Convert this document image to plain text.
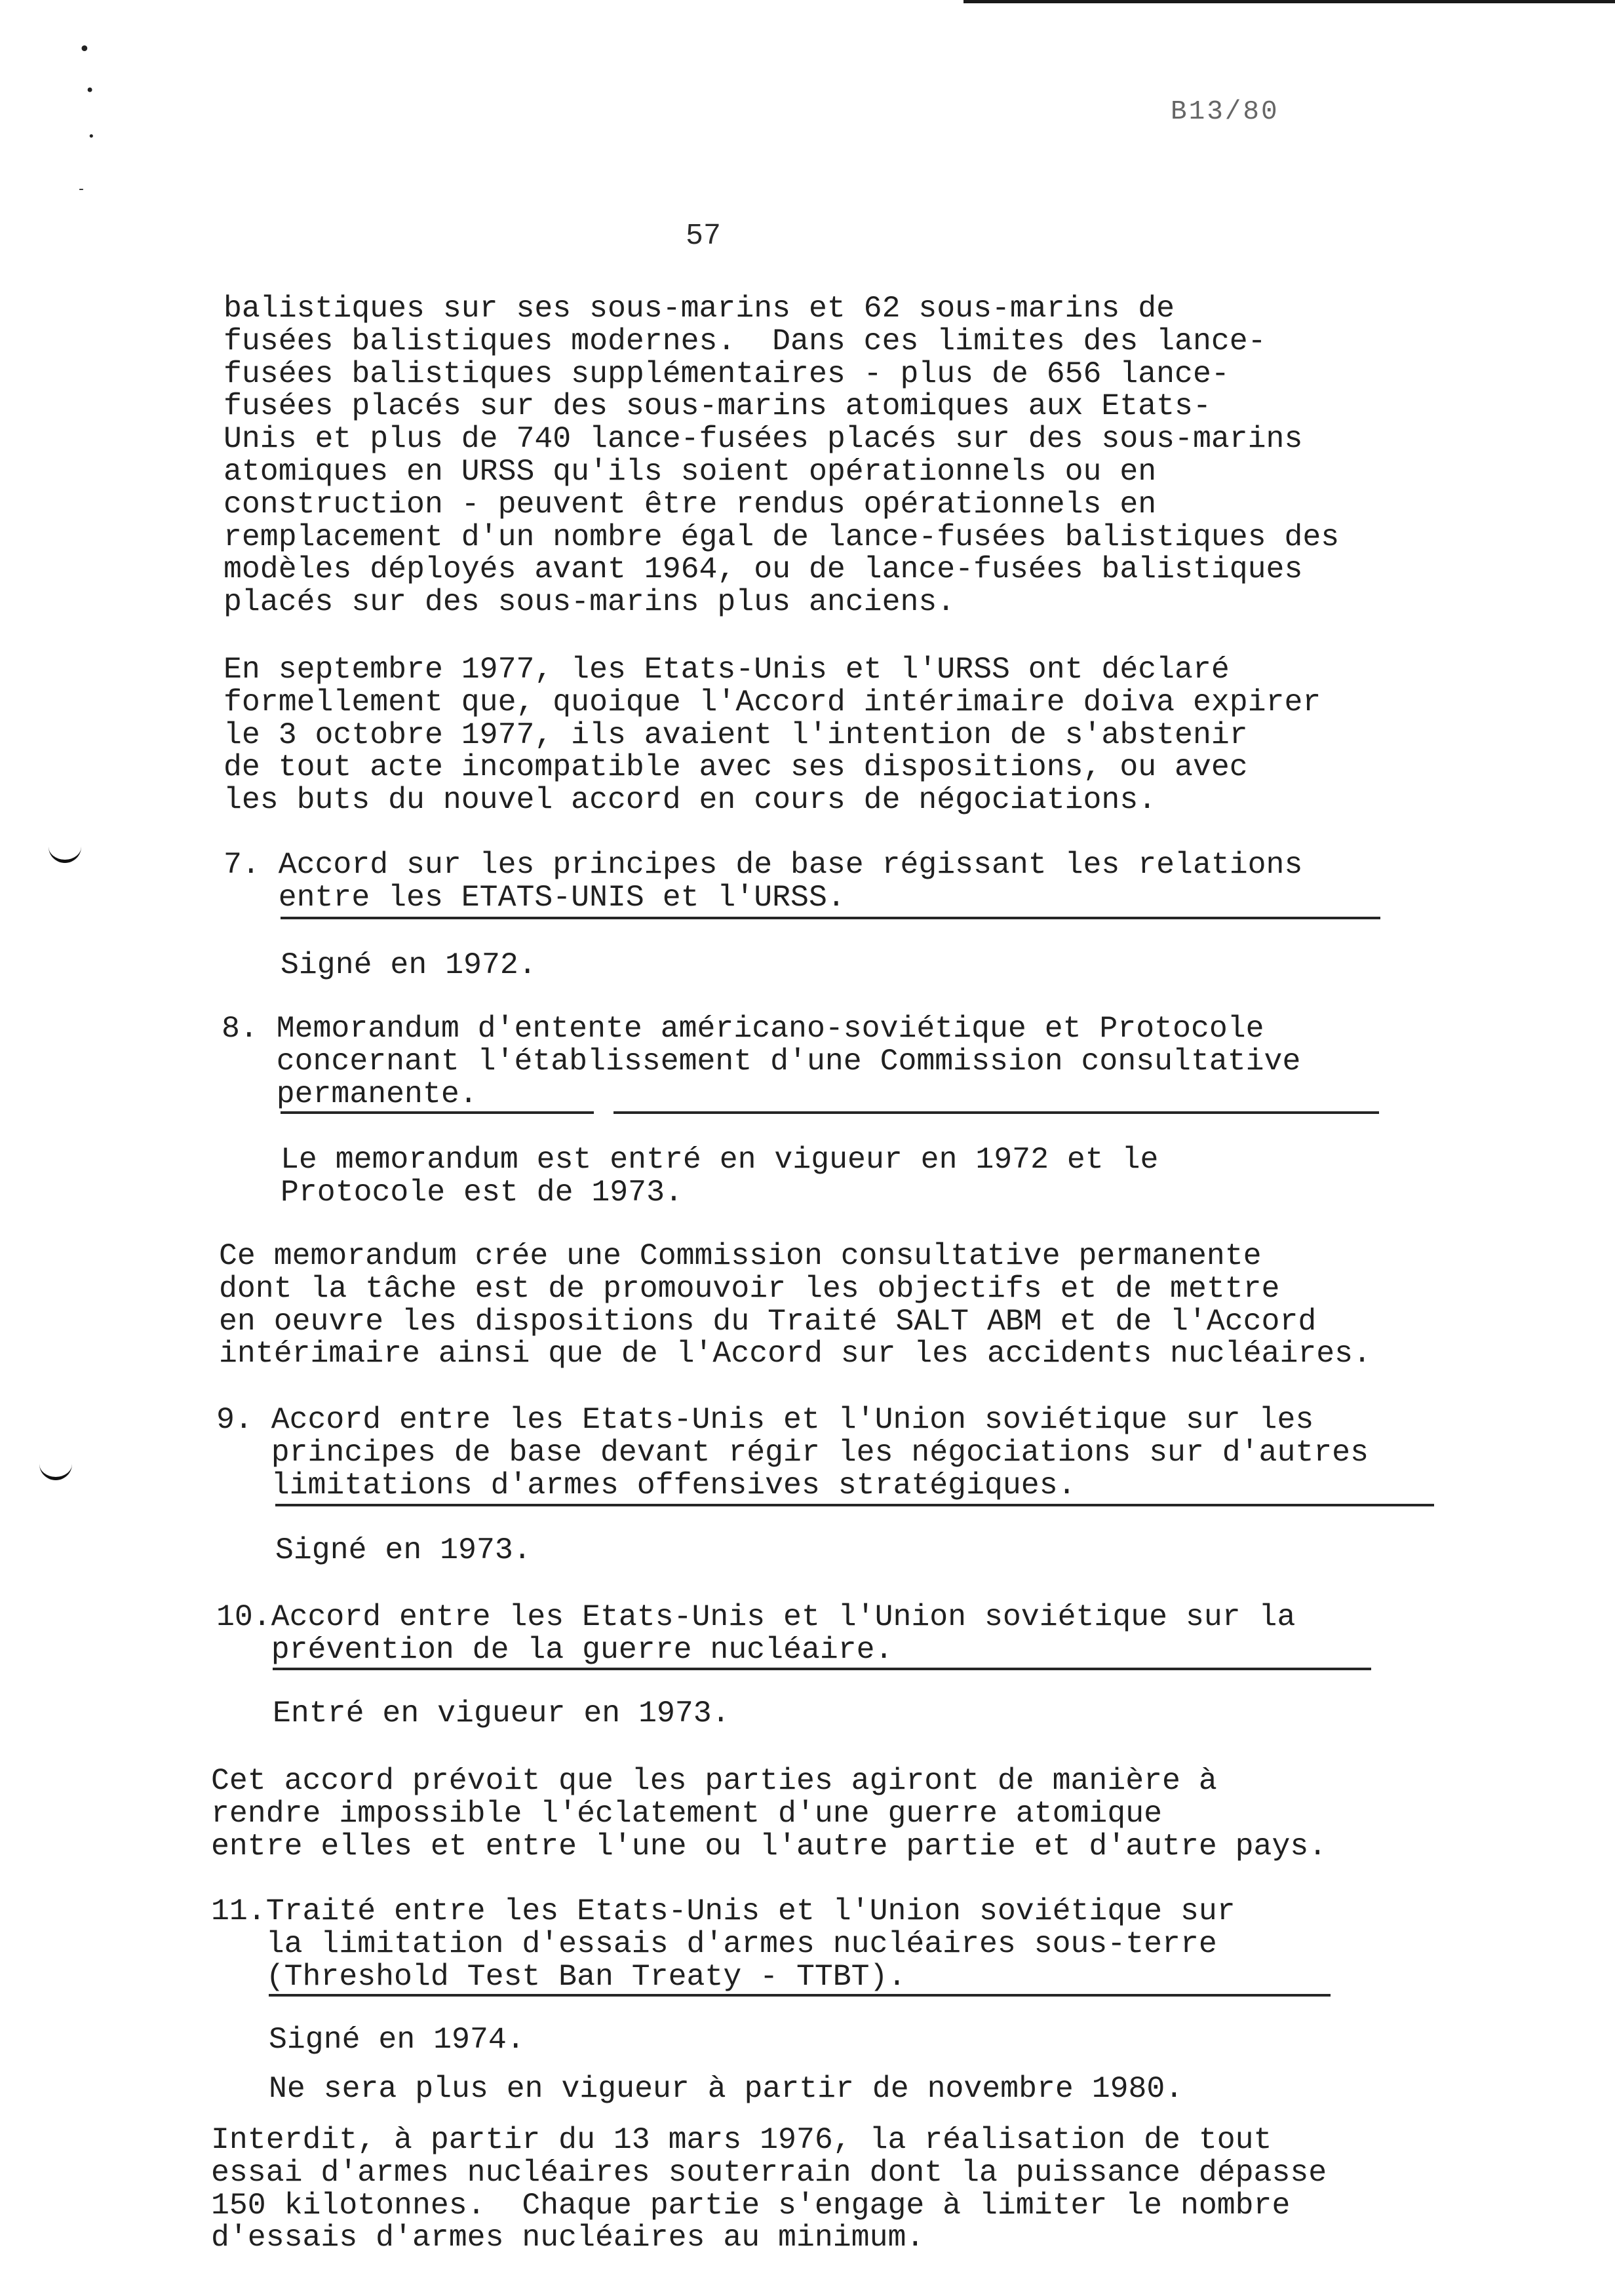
•
•
•
-
B13/80
57
balistiques sur ses sous-marins et 62 sous-marins de
fusées balistiques modernes.  Dans ces limites des lance-
fusées balistiques supplémentaires - plus de 656 lance-
fusées placés sur des sous-marins atomiques aux Etats-
Unis et plus de 740 lance-fusées placés sur des sous-marins
atomiques en URSS qu'ils soient opérationnels ou en
construction - peuvent être rendus opérationnels en
remplacement d'un nombre égal de lance-fusées balistiques des
modèles déployés avant 1964, ou de lance-fusées balistiques
placés sur des sous-marins plus anciens.
En septembre 1977, les Etats-Unis et l'URSS ont déclaré
formellement que, quoique l'Accord intérimaire doiva expirer
le 3 octobre 1977, ils avaient l'intention de s'abstenir
de tout acte incompatible avec ses dispositions, ou avec
les buts du nouvel accord en cours de négociations.
7. Accord sur les principes de base régissant les relations
entre les ETATS-UNIS et l'URSS.
Signé en 1972.
8. Memorandum d'entente américano-soviétique et Protocole
concernant l'établissement d'une Commission consultative
permanente.
Le memorandum est entré en vigueur en 1972 et le
Protocole est de 1973.
Ce memorandum crée une Commission consultative permanente
dont la tâche est de promouvoir les objectifs et de mettre
en oeuvre les dispositions du Traité SALT ABM et de l'Accord
intérimaire ainsi que de l'Accord sur les accidents nucléaires.
9. Accord entre les Etats-Unis et l'Union soviétique sur les
principes de base devant régir les négociations sur d'autres
limitations d'armes offensives stratégiques.
Signé en 1973.
10.Accord entre les Etats-Unis et l'Union soviétique sur la
prévention de la guerre nucléaire.
Entré en vigueur en 1973.
Cet accord prévoit que les parties agiront de manière à
rendre impossible l'éclatement d'une guerre atomique
entre elles et entre l'une ou l'autre partie et d'autre pays.
11.Traité entre les Etats-Unis et l'Union soviétique sur
la limitation d'essais d'armes nucléaires sous-terre
(Threshold Test Ban Treaty - TTBT).
Signé en 1974.
Ne sera plus en vigueur à partir de novembre 1980.
Interdit, à partir du 13 mars 1976, la réalisation de tout
essai d'armes nucléaires souterrain dont la puissance dépasse
150 kilotonnes.  Chaque partie s'engage à limiter le nombre
d'essais d'armes nucléaires au minimum.
